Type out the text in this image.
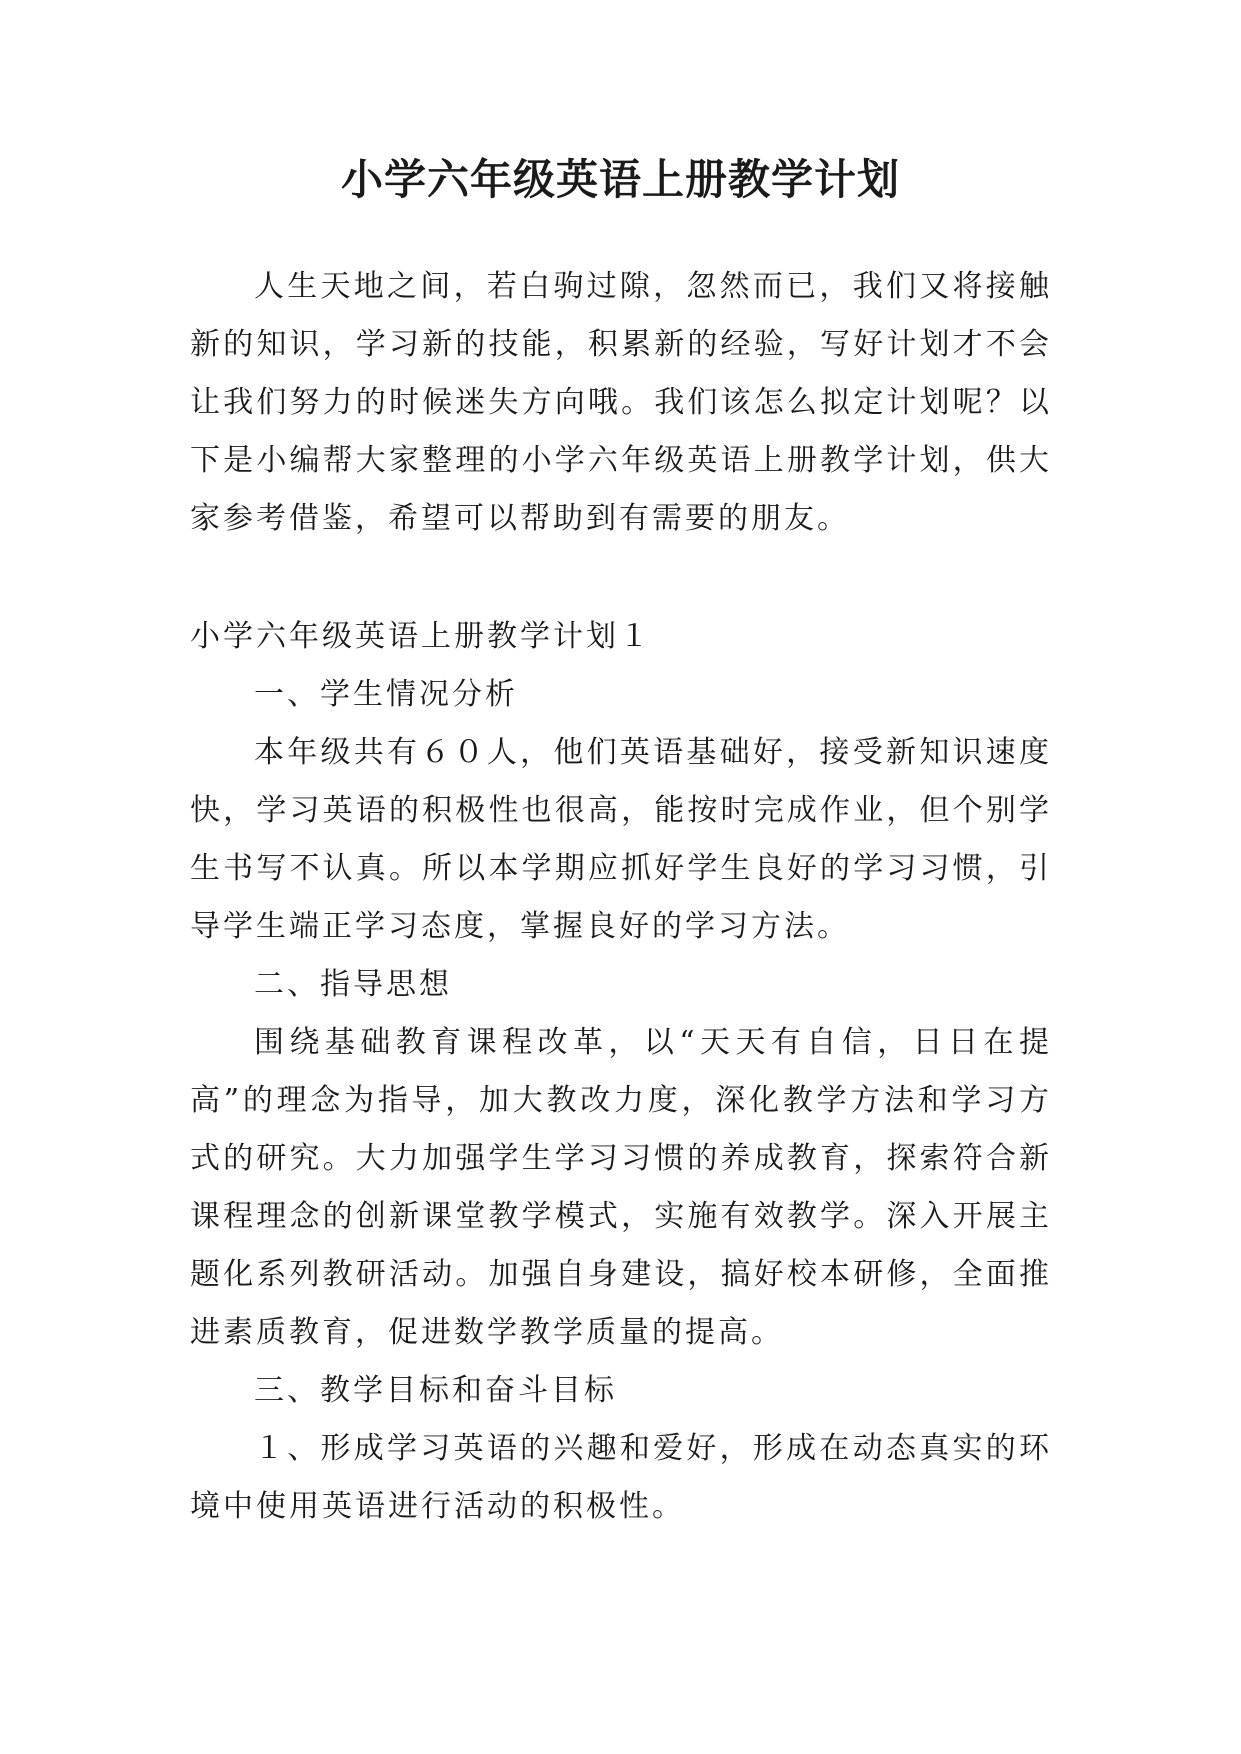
小学六年级英语上册教学计划

人生天地之间，若白驹过隙，忽然而已，我们又将接触新的知识，学习新的技能，积累新的经验，写好计划才不会让我们努力的时候迷失方向哦。我们该怎么拟定计划呢？以下是小编帮大家整理的小学六年级英语上册教学计划，供大家参考借鉴，希望可以帮助到有需要的朋友。

小学六年级英语上册教学计划１

一、学生情况分析

本年级共有６０人，他们英语基础好，接受新知识速度快，学习英语的积极性也很高，能按时完成作业，但个别学生书写不认真。所以本学期应抓好学生良好的学习习惯，引导学生端正学习态度，掌握良好的学习方法。

二、指导思想

围绕基础教育课程改革，以“天天有自信，日日在提高”的理念为指导，加大教改力度，深化教学方法和学习方式的研究。大力加强学生学习习惯的养成教育，探索符合新课程理念的创新课堂教学模式，实施有效教学。深入开展主题化系列教研活动。加强自身建设，搞好校本研修，全面推进素质教育，促进数学教学质量的提高。

三、教学目标和奋斗目标

１、形成学习英语的兴趣和爱好，形成在动态真实的环境中使用英语进行活动的积极性。
